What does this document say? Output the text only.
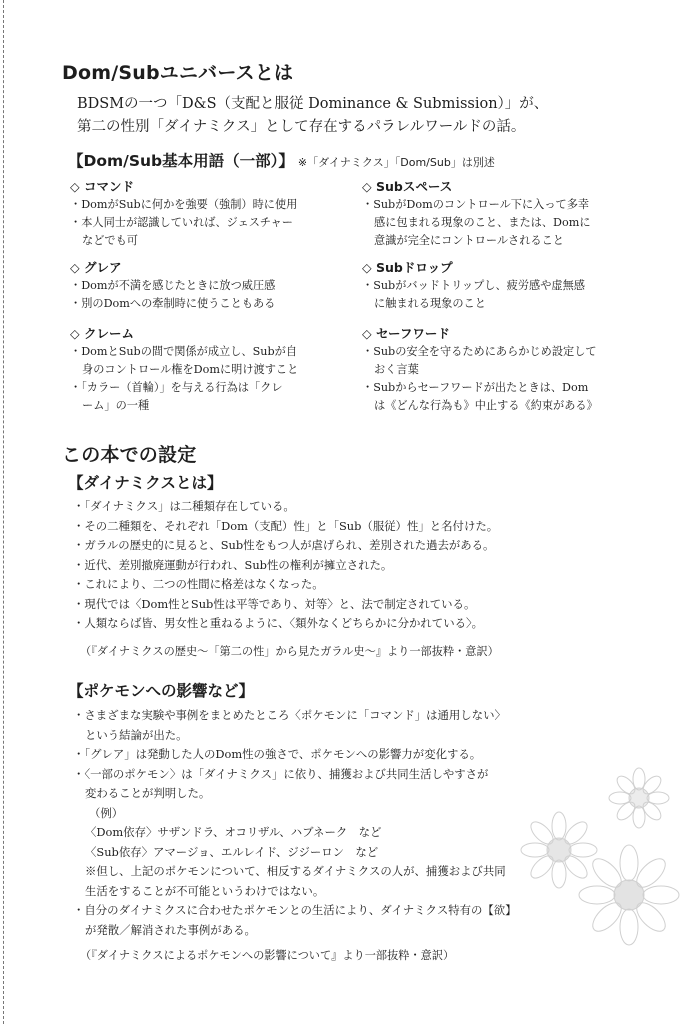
Dom/Subユニバースとは
BDSMの一つ「D&S（支配と服従 Dominance & Submission）」が、
第二の性別「ダイナミクス」として存在するパラレルワールドの話。
【Dom/Sub基本用語（一部）】 ※「ダイナミクス」「Dom/Sub」は別述
◇ コマンド
・DomがSubに何かを強要（強制）時に使用
・本人同士が認識していれば、ジェスチャー
などでも可
◇ グレア
・Domが不満を感じたときに放つ威圧感
・別のDomへの牽制時に使うこともある
◇ クレーム
・DomとSubの間で関係が成立し、Subが自
身のコントロール権をDomに明け渡すこと
・「カラー（首輪）」を与える行為は「クレ
ーム」の一種
◇ Subスペース
・SubがDomのコントロール下に入って多幸
感に包まれる現象のこと、または、Domに
意識が完全にコントロールされること
◇ Subドロップ
・Subがバッドトリップし、疲労感や虚無感
に触まれる現象のこと
◇ セーフワード
・Subの安全を守るためにあらかじめ設定して
おく言葉
・Subからセーフワードが出たときは、Dom
は《どんな行為も》中止する《約束がある》
この本での設定
【ダイナミクスとは】
・「ダイナミクス」は二種類存在している。
・その二種類を、それぞれ「Dom（支配）性」と「Sub（服従）性」と名付けた。
・ガラルの歴史的に見ると、Sub性をもつ人が虐げられ、差別された過去がある。
・近代、差別撤廃運動が行われ、Sub性の権利が擁立された。
・これにより、二つの性間に格差はなくなった。
・現代では〈Dom性とSub性は平等であり、対等〉と、法で制定されている。
・人類ならば皆、男女性と重ねるように、〈類外なくどちらかに分かれている〉。
（『ダイナミクスの歴史〜「第二の性」から見たガラル史〜』より一部抜粋・意訳）
【ポケモンへの影響など】
・さまざまな実験や事例をまとめたところ〈ポケモンに「コマンド」は通用しない〉
という結論が出た。
・「グレア」は発動した人のDom性の強さで、ポケモンへの影響力が変化する。
・〈一部のポケモン〉は「ダイナミクス」に依り、捕獲および共同生活しやすさが
変わることが判明した。
（例）
〈Dom依存〉サザンドラ、オコリザル、ハブネーク　など
〈Sub依存〉アマージョ、エルレイド、ジジーロン　など
※但し、上記のポケモンについて、相反するダイナミクスの人が、捕獲および共同
生活をすることが不可能というわけではない。
・自分のダイナミクスに合わせたポケモンとの生活により、ダイナミクス特有の【欲】
が発散／解消された事例がある。
（『ダイナミクスによるポケモンへの影響について』より一部抜粋・意訳）
